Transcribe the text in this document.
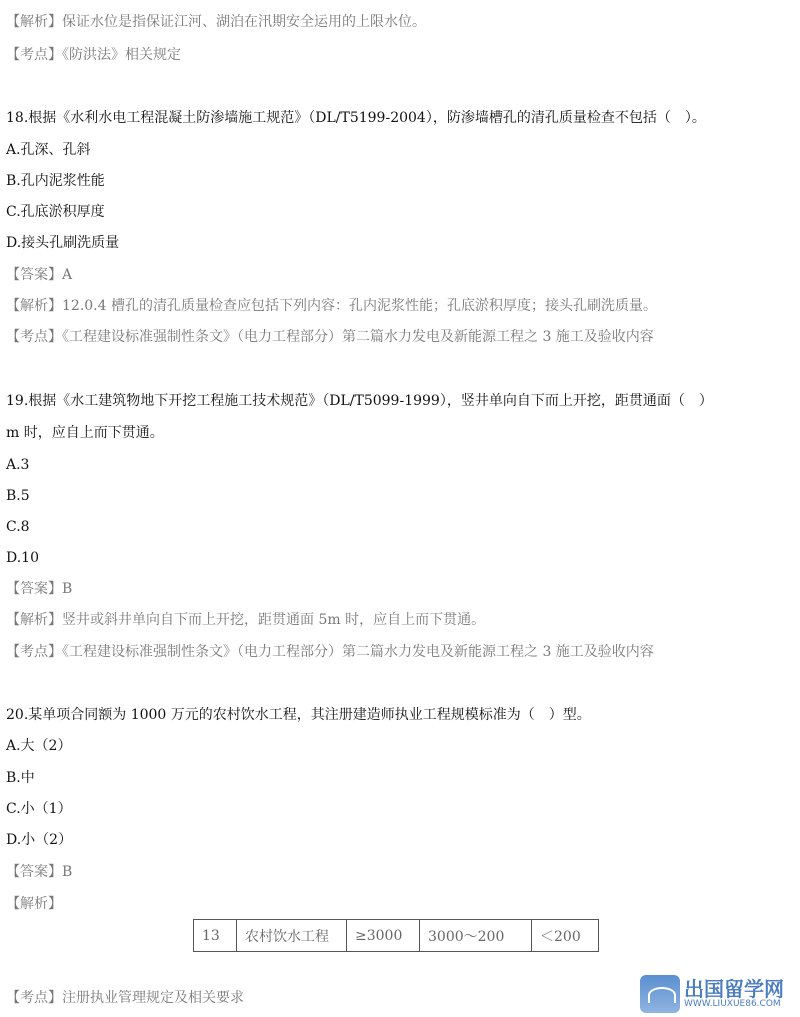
【解析】保证水位是指保证江河、湖泊在汛期安全运用的上限水位。
【考点】《防洪法》相关规定
18.根据《水利水电工程混凝土防渗墙施工规范》（DL/T5199-2004），防渗墙槽孔的清孔质量检查不包括（　）。
A.孔深、孔斜
B.孔内泥浆性能
C.孔底淤积厚度
D.接头孔刷洗质量
【答案】A
【解析】12.0.4 槽孔的清孔质量检查应包括下列内容：孔内泥浆性能；孔底淤积厚度；接头孔刷洗质量。
【考点】《工程建设标准强制性条文》（电力工程部分）第二篇水力发电及新能源工程之 3 施工及验收内容
19.根据《水工建筑物地下开挖工程施工技术规范》（DL/T5099-1999），竖井单向自下而上开挖，距贯通面（　）
m 时，应自上而下贯通。
A.3
B.5
C.8
D.10
【答案】B
【解析】竖井或斜井单向自下而上开挖，距贯通面 5m 时，应自上而下贯通。
【考点】《工程建设标准强制性条文》（电力工程部分）第二篇水力发电及新能源工程之 3 施工及验收内容
20.某单项合同额为 1000 万元的农村饮水工程，其注册建造师执业工程规模标准为（　）型。
A.大（2）
B.中
C.小（1）
D.小（2）
【答案】B
【解析】
13	农村饮水工程	≥3000	3000～200	＜200
【考点】注册执业管理规定及相关要求	出国留学网
WWW.LIUXUE86.COM
